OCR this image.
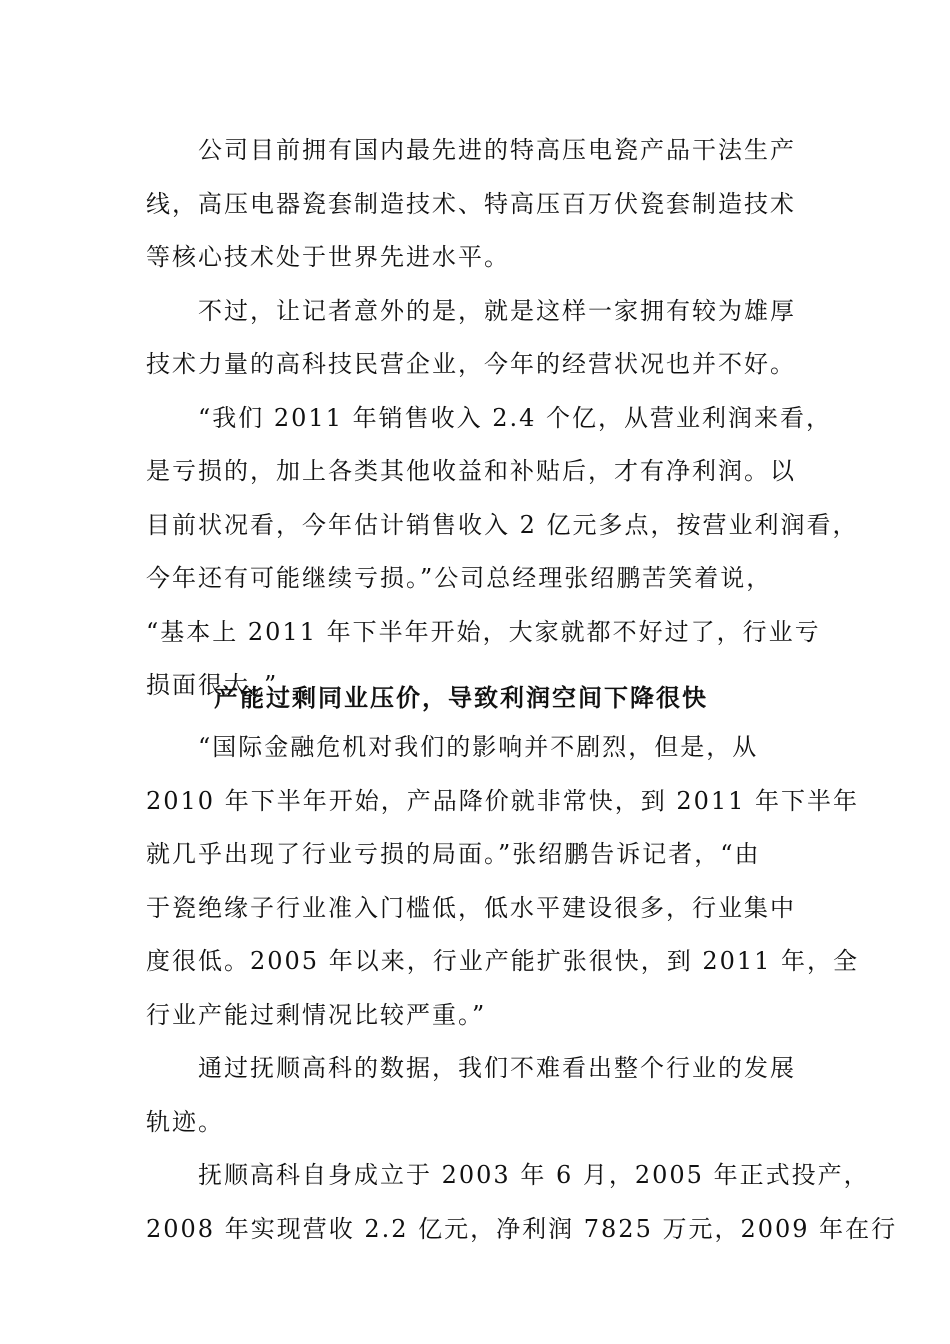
　　公司目前拥有国内最先进的特高压电瓷产品干法生产
线，高压电器瓷套制造技术、特高压百万伏瓷套制造技术
等核心技术处于世界先进水平。
　　不过，让记者意外的是，就是这样一家拥有较为雄厚
技术力量的高科技民营企业，今年的经营状况也并不好。
　　“我们 2011 年销售收入 2.4 个亿，从营业利润来看，
是亏损的，加上各类其他收益和补贴后，才有净利润。以
目前状况看，今年估计销售收入 2 亿元多点，按营业利润看，
今年还有可能继续亏损。”公司总经理张绍鹏苦笑着说，
“基本上 2011 年下半年开始，大家就都不好过了，行业亏
损面很大。”
产能过剩同业压价，导致利润空间下降很快
　　“国际金融危机对我们的影响并不剧烈，但是，从
2010 年下半年开始，产品降价就非常快，到 2011 年下半年
就几乎出现了行业亏损的局面。”张绍鹏告诉记者，“由
于瓷绝缘子行业准入门槛低，低水平建设很多，行业集中
度很低。2005 年以来，行业产能扩张很快，到 2011 年，全
行业产能过剩情况比较严重。”
　　通过抚顺高科的数据，我们不难看出整个行业的发展
轨迹。
　　抚顺高科自身成立于 2003 年 6 月，2005 年正式投产，
2008 年实现营收 2.2 亿元，净利润 7825 万元，2009 年在行
